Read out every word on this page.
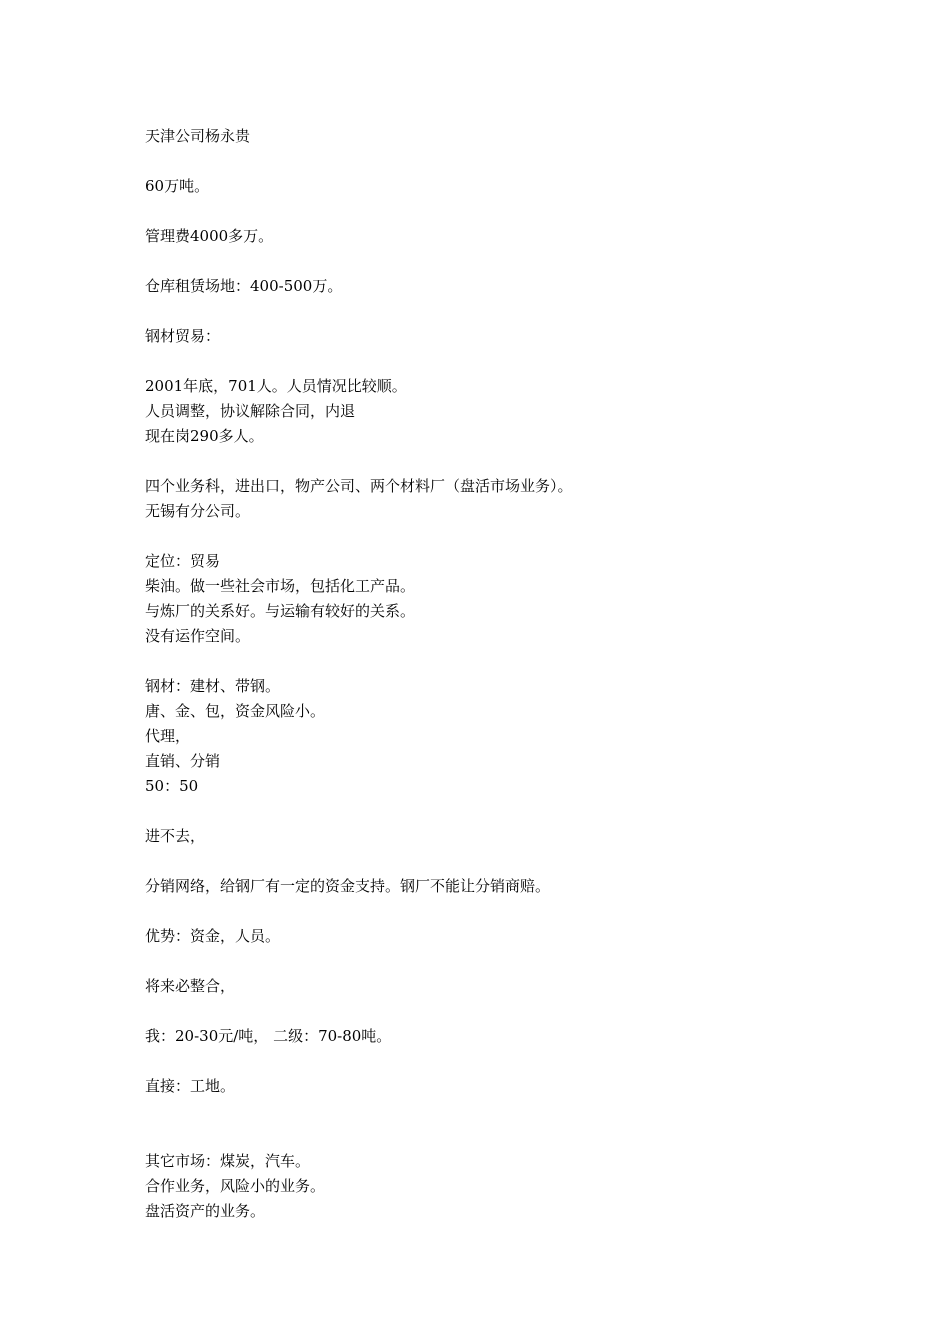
天津公司杨永贵

60万吨。

管理费4000多万。

仓库租赁场地：400-500万。

钢材贸易：

2001年底，701人。人员情况比较顺。

人员调整，协议解除合同，内退

现在岗290多人。

四个业务科，进出口，物产公司、两个材料厂（盘活市场业务）。

无锡有分公司。

定位：贸易

柴油。做一些社会市场，包括化工产品。

与炼厂的关系好。与运输有较好的关系。

没有运作空间。

钢材：建材、带钢。

唐、金、包，资金风险小。

代理，

直销、分销

50：50

进不去，

分销网络，给钢厂有一定的资金支持。钢厂不能让分销商赔。

优势：资金，人员。

将来必整合，

我：20-30元/吨， 二级：70-80吨。

直接：工地。

其它市场：煤炭，汽车。

合作业务，风险小的业务。

盘活资产的业务。
